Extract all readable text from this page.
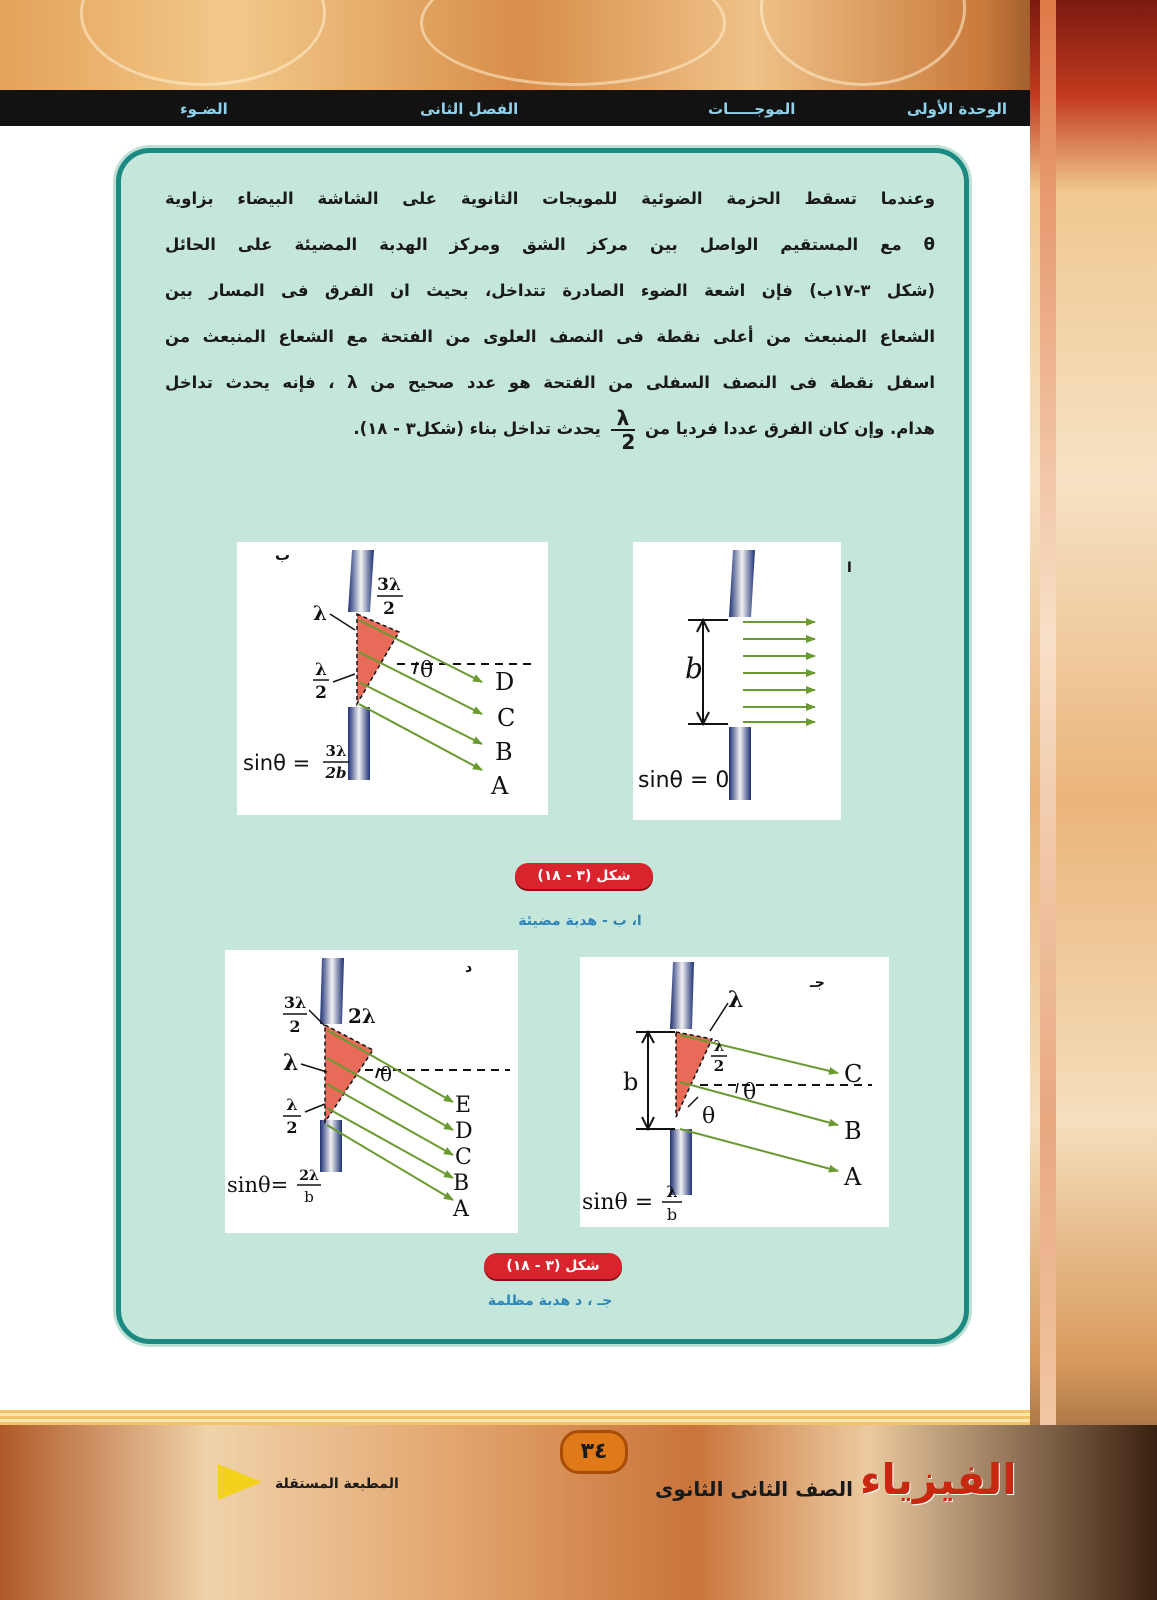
الوحدة الأولى
الموجـــــات
الفصل الثانى
الضـوء
وعندما تسقط الحزمة الضوئية للمويجات الثانوية على الشاشة البيضاء بزاوية
θ مع المستقيم الواصل بين مركز الشق ومركز الهدبة المضيئة على الحائل
(شكل ٣-١٧ب) فإن اشعة الضوء الصادرة تتداخل، بحيث ان الفرق فى المسار بين
الشعاع المنبعث من أعلى نقطة فى النصف العلوى من الفتحة مع الشعاع المنبعث من
اسفل نقطة فى النصف السفلى من الفتحة هو عدد صحيح من λ ، فإنه يحدث تداخل
هدام. وإن كان الفرق عددا فرديا من
$\frac{\lambda}{2}$
يحدث تداخل بناء (شكل٣ - ١٨).
b
sinθ = 0
ا
θ
3λ
2
λ
λ
2	D
C
B
A
sinθ = 3λ
2b
ب
شكل (٣ - ١٨)
ا، ب - هدبة مضيئة
θ
3λ
2 2λ
λ
λ
2
E
D
C
B
A
sinθ= 2λ
b
د
λ
λ
2
θ
θ
b	C
B
A
sinθ = λ
b
جـ
شكل (٣ - ١٨)
جـ ، د هدبة مظلمة
٣٤
المطبعة المستقلة	الصف الثانى الثانوى الفيزياء
